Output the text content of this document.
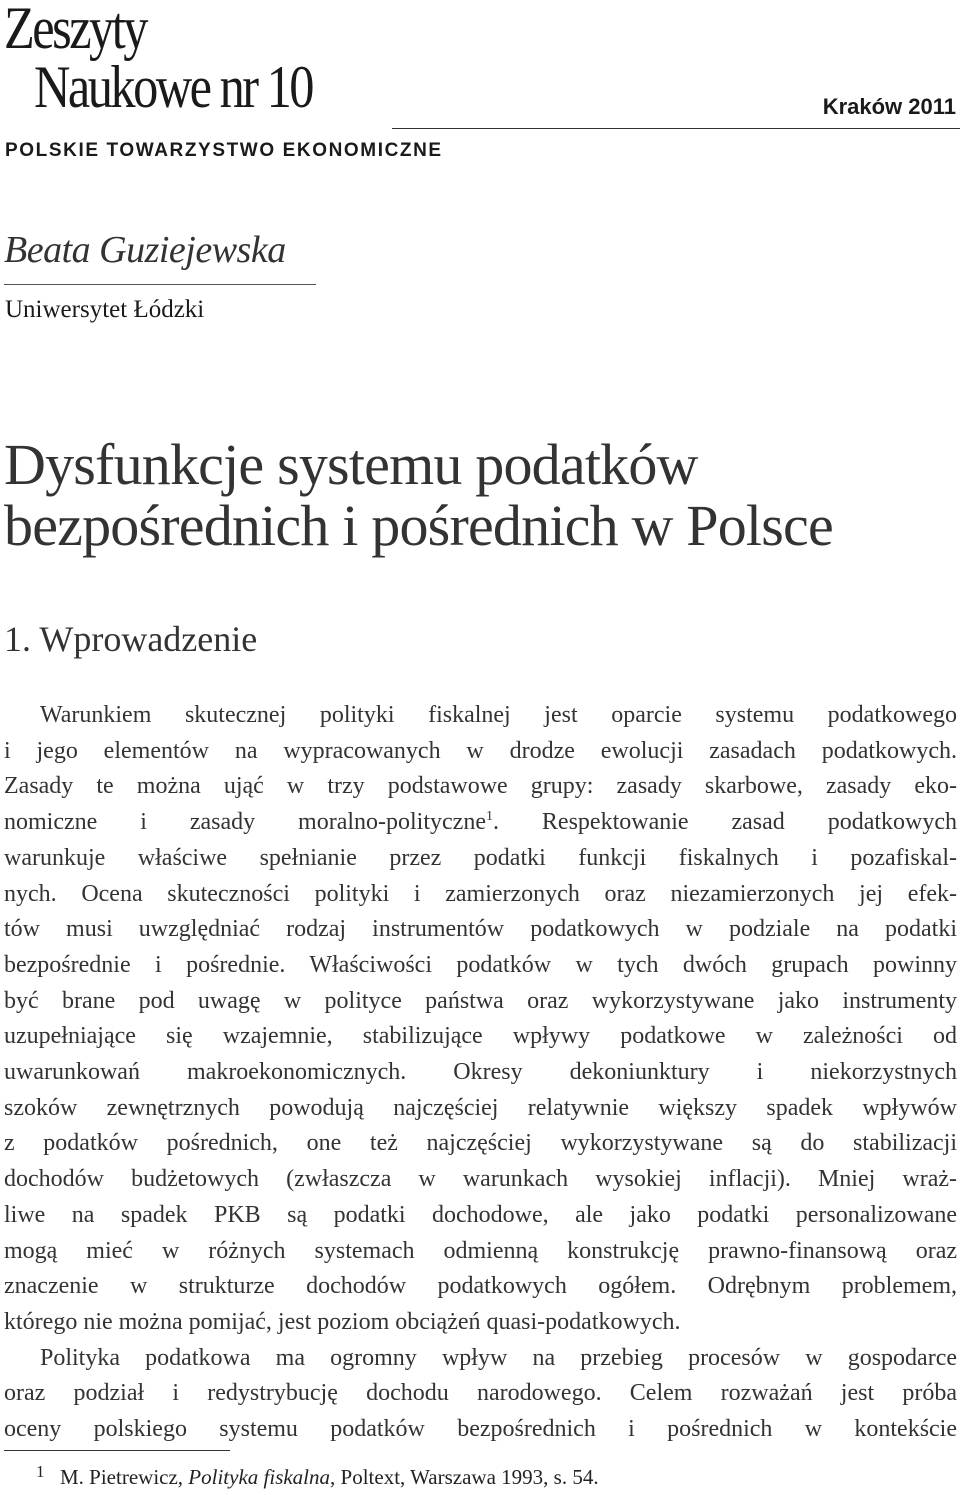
Zeszyty
Naukowe nr 10	Kraków 2011
POLSKIE TOWARZYSTWO EKONOMICZNE
Beata Guziejewska
Uniwersytet Łódzki
Dysfunkcje systemu podatków
bezpośrednich i pośrednich w Polsce
1. Wprowadzenie
Warunkiem skutecznej polityki fiskalnej jest oparcie systemu podatkowego
i jego elementów na wypracowanych w drodze ewolucji zasadach podatkowych.
Zasady te można ująć w trzy podstawowe grupy: zasady skarbowe, zasady eko-
nomiczne i zasady moralno-polityczne$^1$. Respektowanie zasad podatkowych
warunkuje właściwe spełnianie przez podatki funkcji fiskalnych i pozafiskal-
nych. Ocena skuteczności polityki i zamierzonych oraz niezamierzonych jej efek-
tów musi uwzględniać rodzaj instrumentów podatkowych w podziale na podatki
bezpośrednie i pośrednie. Właściwości podatków w tych dwóch grupach powinny
być brane pod uwagę w polityce państwa oraz wykorzystywane jako instrumenty
uzupełniające się wzajemnie, stabilizujące wpływy podatkowe w zależności od
uwarunkowań makroekonomicznych. Okresy dekoniunktury i niekorzystnych
szoków zewnętrznych powodują najczęściej relatywnie większy spadek wpływów
z podatków pośrednich, one też najczęściej wykorzystywane są do stabilizacji
dochodów budżetowych (zwłaszcza w warunkach wysokiej inflacji). Mniej wraż-
liwe na spadek PKB są podatki dochodowe, ale jako podatki personalizowane
mogą mieć w różnych systemach odmienną konstrukcję prawno-finansową oraz
znaczenie w strukturze dochodów podatkowych ogółem. Odrębnym problemem,
którego nie można pomijać, jest poziom obciążeń quasi-podatkowych.
Polityka podatkowa ma ogromny wpływ na przebieg procesów w gospodarce
oraz podział i redystrybucję dochodu narodowego. Celem rozważań jest próba
oceny polskiego systemu podatków bezpośrednich i pośrednich w kontekście
1 M. Pietrewicz, Polityka fiskalna, Poltext, Warszawa 1993, s. 54.
